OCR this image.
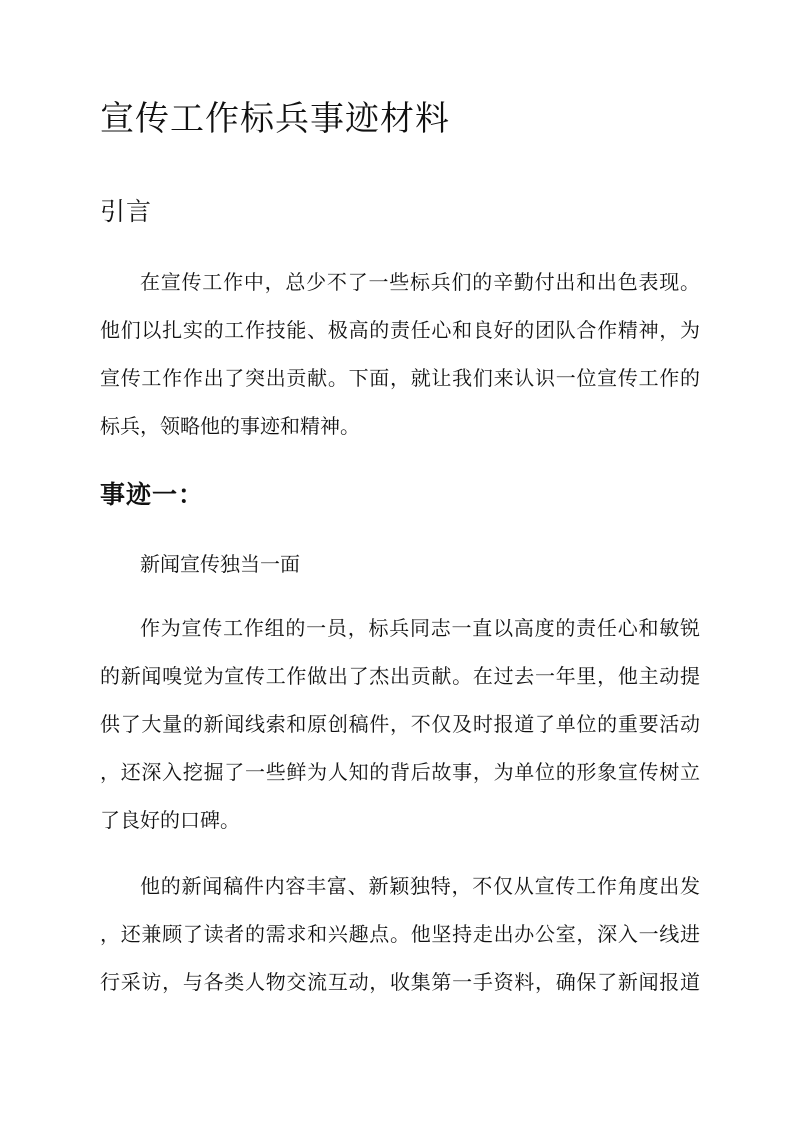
宣传工作标兵事迹材料
引言
在宣传工作中，总少不了一些标兵们的辛勤付出和出色表现。
他们以扎实的工作技能、极高的责任心和良好的团队合作精神，为
宣传工作作出了突出贡献。下面，就让我们来认识一位宣传工作的
标兵，领略他的事迹和精神。
事迹一：
新闻宣传独当一面
作为宣传工作组的一员，标兵同志一直以高度的责任心和敏锐
的新闻嗅觉为宣传工作做出了杰出贡献。在过去一年里，他主动提
供了大量的新闻线索和原创稿件，不仅及时报道了单位的重要活动
，还深入挖掘了一些鲜为人知的背后故事，为单位的形象宣传树立
了良好的口碑。
他的新闻稿件内容丰富、新颖独特，不仅从宣传工作角度出发
，还兼顾了读者的需求和兴趣点。他坚持走出办公室，深入一线进
行采访，与各类人物交流互动，收集第一手资料，确保了新闻报道
